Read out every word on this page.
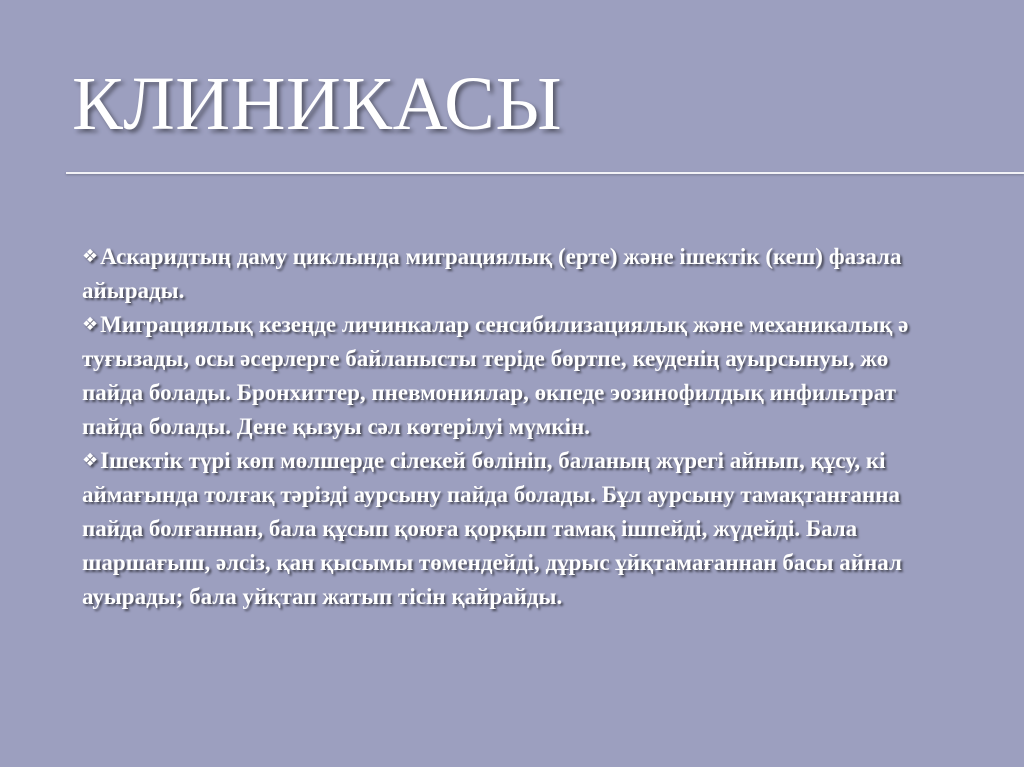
КЛИНИКАСЫ
❖Аскаридтың даму циклында миграциялық (ерте) және ішектік (кеш) фазала
айырады.
❖Миграциялық кезеңде личинкалар сенсибилизациялық және механикалық ә
туғызады, осы әсерлерге байланысты теріде бөртпе, кеуденің ауырсынуы, жө
пайда болады. Бронхиттер, пневмониялар, өкпеде эозинофилдық инфильтрат
пайда болады. Дене қызуы сәл көтерілуі мүмкін.
❖Ішектік түрі көп мөлшерде сілекей бөлініп, баланың жүрегі айнып, құсу, кі
аймағында толғақ тәрізді аурсыну пайда болады. Бұл аурсыну тамақтанғанна
пайда болғаннан, бала құсып қоюға қорқып тамақ ішпейді, жүдейді. Бала
шаршағыш, әлсіз, қан қысымы төмендейді, дұрыс ұйқтамағаннан басы айнал
ауырады; бала уйқтап жатып тісін қайрайды.
